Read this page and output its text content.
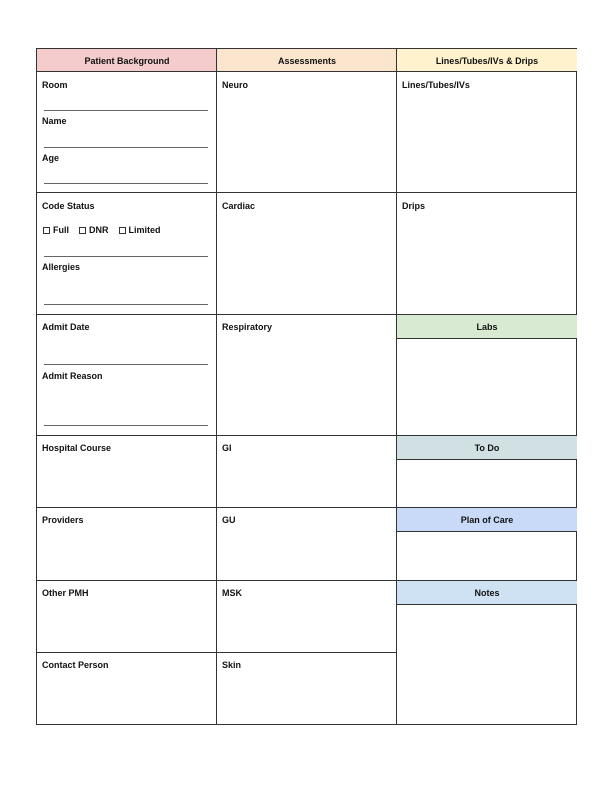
Patient Background	Assessments	Lines/Tubes/IVs & Drips
Labs
To Do
Plan of Care
Notes
Room
Name
Age
Code Status
Full DNR Limited
Allergies
Admit Date
Admit Reason
Hospital Course
Providers
Other PMH
Contact Person
Neuro
Cardiac
Respiratory
GI
GU
MSK
Skin
Lines/Tubes/IVs
Drips
